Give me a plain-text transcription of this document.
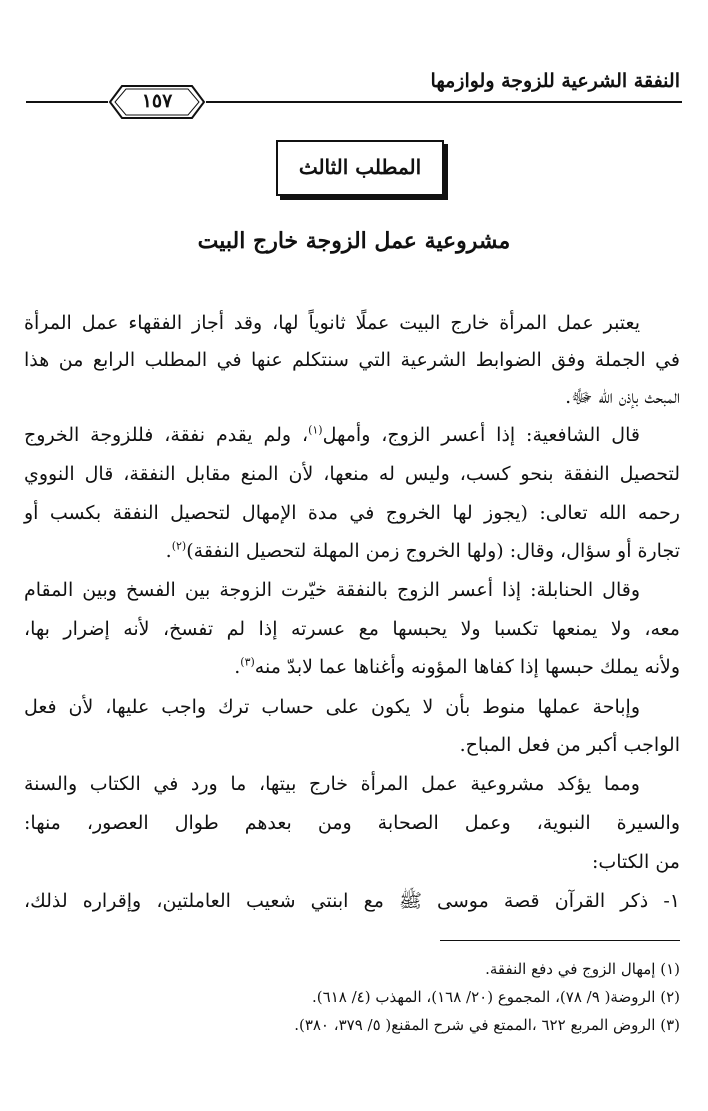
النفقة الشرعية للزوجة ولوازمها
١٥٧
المطلب الثالث
مشروعية عمل الزوجة خارج البيت
يعتبر عمل المرأة خارج البيت عملًا ثانوياً لها، وقد أجاز الفقهاء عمل المرأة
في الجملة وفق الضوابط الشرعية التي سنتكلم عنها في المطلب الرابع من هذا
المبحث بإذن الله ﷻ.
قال الشافعية: إذا أعسر الزوج، وأمهل$^{(١)}$، ولم يقدم نفقة، فللزوجة الخروج
لتحصيل النفقة بنحو كسب، وليس له منعها، لأن المنع مقابل النفقة، قال النووي
رحمه الله تعالى: (يجوز لها الخروج في مدة الإمهال لتحصيل النفقة بكسب أو
تجارة أو سؤال، وقال: (ولها الخروج زمن المهلة لتحصيل النفقة)$^{(٢)}$.
وقال الحنابلة: إذا أعسر الزوج بالنفقة خيّرت الزوجة بين الفسخ وبين المقام
معه، ولا يمنعها تكسبا ولا يحبسها مع عسرته إذا لم تفسخ، لأنه إضرار بها،
ولأنه يملك حبسها إذا كفاها المؤونه وأغناها عما لابدّ منه$^{(٣)}$.
وإباحة عملها منوط بأن لا يكون على حساب ترك واجب عليها، لأن فعل
الواجب أكبر من فعل المباح.
ومما يؤكد مشروعية عمل المرأة خارج بيتها، ما ورد في الكتاب والسنة
والسيرة النبوية، وعمل الصحابة ومن بعدهم طوال العصور، منها:
من الكتاب:
١- ذكر القرآن قصة موسى ﷺ مع ابنتي شعيب العاملتين، وإقراره لذلك،
(١) إمهال الزوج في دفع النفقة.
(٢) الروضة( ٩/ ٧٨)، المجموع (٢٠/ ١٦٨)، المهذب (٤/ ٦١٨).
(٣) الروض المربع ٦٢٢ ،الممتع في شرح المقنع( ٥/ ٣٧٩، ٣٨٠).
